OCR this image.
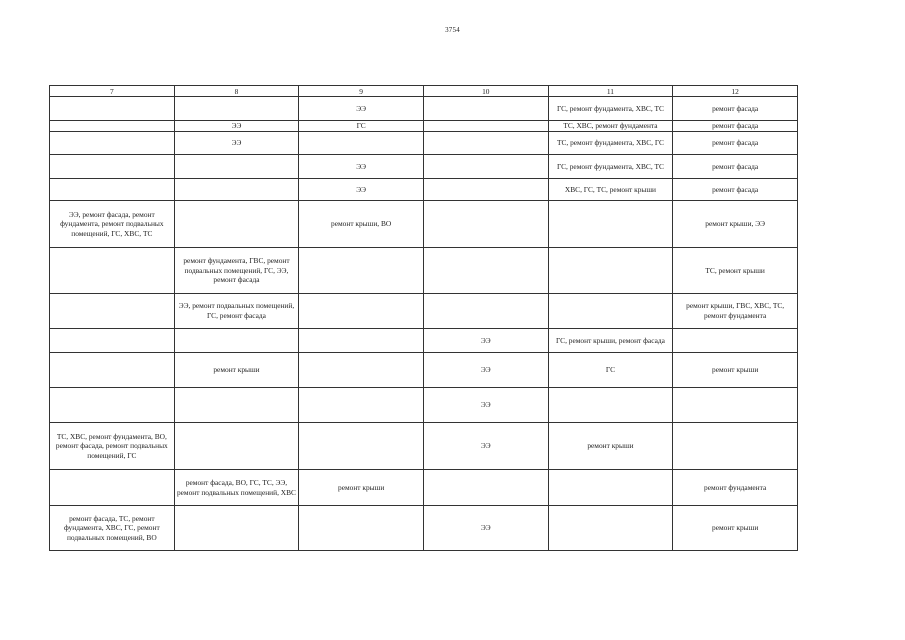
3754
7	8	9	10	11	12
		ЭЭ		ГС, ремонт фундамента, ХВС, ТС	ремонт фасада
	ЭЭ	ГС		ТС, ХВС, ремонт фундамента	ремонт фасада
	ЭЭ			ТС, ремонт фундамента, ХВС, ГС	ремонт фасада
		ЭЭ		ГС, ремонт фундамента, ХВС, ТС	ремонт фасада
		ЭЭ		ХВС, ГС, ТС, ремонт крыши	ремонт фасада
ЭЭ, ремонт фасада, ремонт фундамента, ремонт подвальных помещений, ГС, ХВС, ТС		ремонт крыши, ВО			ремонт крыши, ЭЭ
	ремонт фундамента, ГВС, ремонт подвальных помещений, ГС, ЭЭ, ремонт фасада				ТС, ремонт крыши
	ЭЭ, ремонт подвальных помещений, ГС, ремонт фасада				ремонт крыши, ГВС, ХВС, ТС, ремонт фундамента
			ЭЭ	ГС, ремонт крыши, ремонт фасада	
	ремонт крыши		ЭЭ	ГС	ремонт крыши
			ЭЭ		
ТС, ХВС, ремонт фундамента, ВО, ремонт фасада, ремонт подвальных помещений, ГС			ЭЭ	ремонт крыши	
	ремонт фасада, ВО, ГС, ТС, ЭЭ, ремонт подвальных помещений, ХВС	ремонт крыши			ремонт фундамента
ремонт фасада, ТС, ремонт фундамента, ХВС, ГС, ремонт подвальных помещений, ВО			ЭЭ		ремонт крыши
